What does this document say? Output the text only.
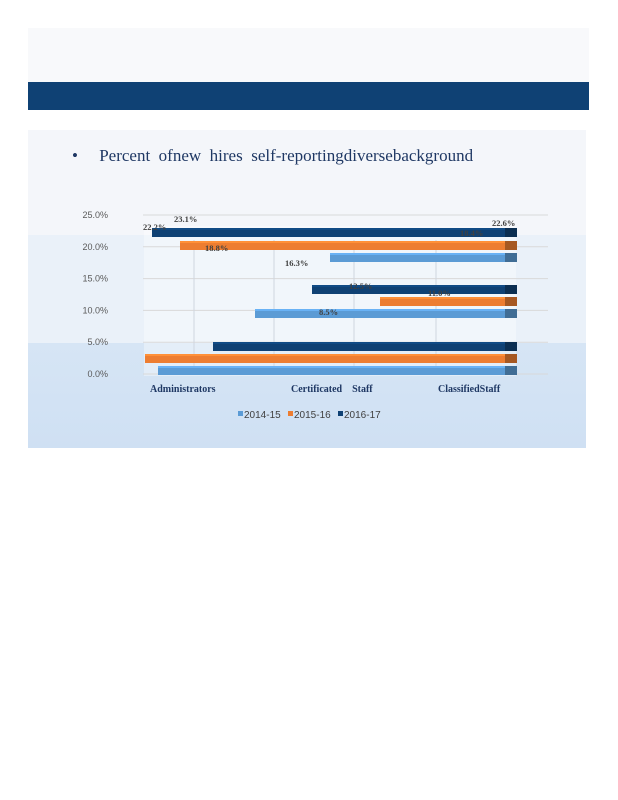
• Percent  ofnew  hires  self-reportingdiversebackground
0.0%
5.0%
10.0%
15.0%
20.0%
25.0%
22.2%
23.1%
18.8%
16.3%
12.5%
11.0%
8.5%
22.6%
18.4%
Administrators	Certificated    Staff	ClassifiedStaff
2014-15 2015-16 2016-17
